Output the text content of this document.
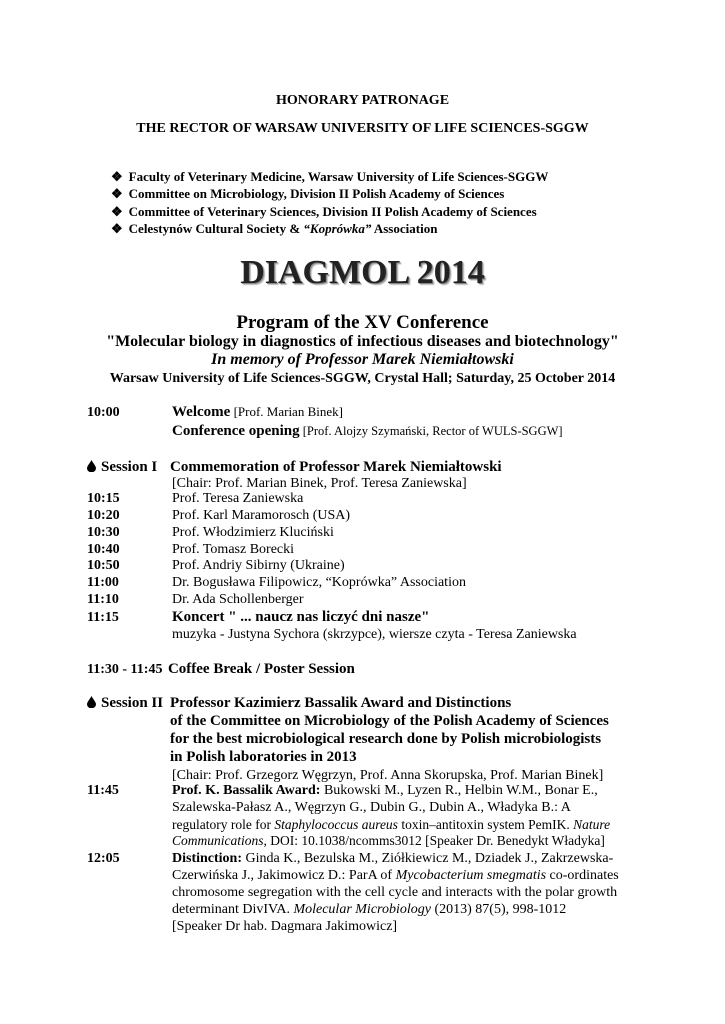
HONORARY PATRONAGE
THE RECTOR OF WARSAW UNIVERSITY OF LIFE SCIENCES-SGGW
❖ Faculty of Veterinary Medicine, Warsaw University of Life Sciences-SGGW
❖ Committee on Microbiology, Division II Polish Academy of Sciences
❖ Committee of Veterinary Sciences, Division II Polish Academy of Sciences
❖ Celestynów Cultural Society & “Koprówka” Association
DIAGMOL 2014
Program of the XV Conference
"Molecular biology in diagnostics of infectious diseases and biotechnology"
In memory of Professor Marek Niemiałtowski
Warsaw University of Life Sciences-SGGW, Crystal Hall; Saturday, 25 October 2014
10:00	Welcome [Prof. Marian Binek]
Conference opening [Prof. Alojzy Szymański, Rector of WULS-SGGW]
Session I Commemoration of Professor Marek Niemiałtowski
[Chair: Prof. Marian Binek, Prof. Teresa Zaniewska]
10:15	Prof. Teresa Zaniewska
10:20	Prof. Karl Maramorosch (USA)
10:30	Prof. Włodzimierz Kluciński
10:40	Prof. Tomasz Borecki
10:50	Prof. Andriy Sibirny (Ukraine)
11:00	Dr. Bogusława Filipowicz, “Koprówka” Association
11:10	Dr. Ada Schollenberger
11:15	Koncert " ... naucz nas liczyć dni nasze"
muzyka - Justyna Sychora (skrzypce), wiersze czyta - Teresa Zaniewska
11:30 - 11:45 Coffee Break / Poster Session
Session II Professor Kazimierz Bassalik Award and Distinctions
of the Committee on Microbiology of the Polish Academy of Sciences
for the best microbiological research done by Polish microbiologists
in Polish laboratories in 2013
[Chair: Prof. Grzegorz Węgrzyn, Prof. Anna Skorupska, Prof. Marian Binek]
11:45	Prof. K. Bassalik Award: Bukowski M., Lyzen R., Helbin W.M., Bonar E.,
Szalewska-Pałasz A., Węgrzyn G., Dubin G., Dubin A., Władyka B.: A
regulatory role for Staphylococcus aureus toxin–antitoxin system PemIK. Nature
Communications, DOI: 10.1038/ncomms3012 [Speaker Dr. Benedykt Władyka]
12:05	Distinction: Ginda K., Bezulska M., Ziółkiewicz M., Dziadek J., Zakrzewska-
Czerwińska J., Jakimowicz D.: ParA of Mycobacterium smegmatis co-ordinates
chromosome segregation with the cell cycle and interacts with the polar growth
determinant DivIVA. Molecular Microbiology (2013) 87(5), 998-1012
[Speaker Dr hab. Dagmara Jakimowicz]
